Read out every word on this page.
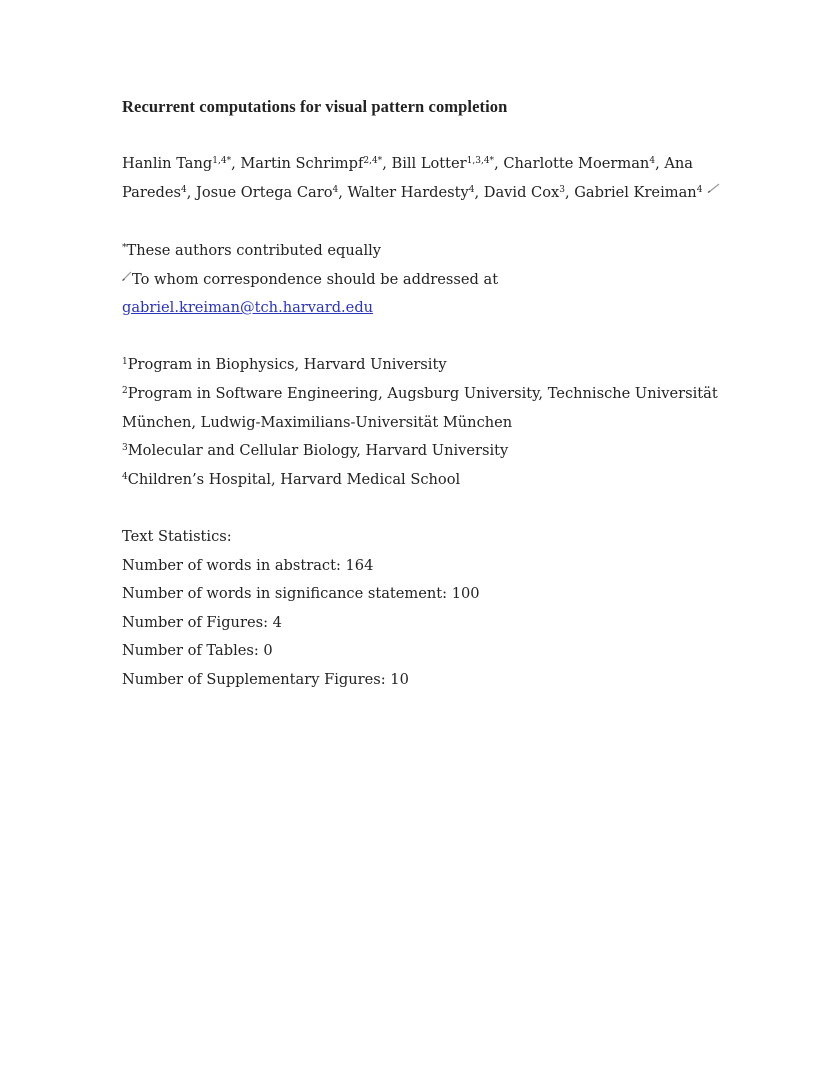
Recurrent computations for visual pattern completion
Hanlin Tang$^{1,4*}$, Martin Schrimpf$^{2,4*}$, Bill Lotter$^{1,3,4*}$, Charlotte Moerman$^4$, Ana
Paredes$^4$, Josue Ortega Caro$^4$, Walter Hardesty$^4$, David Cox$^3$, Gabriel Kreiman$^4$
*These authors contributed equally
To whom correspondence should be addressed at
gabriel.kreiman@tch.harvard.edu
$^1$Program in Biophysics, Harvard University
$^2$Program in Software Engineering, Augsburg University, Technische Universität
München, Ludwig-Maximilians-Universität München
$^3$Molecular and Cellular Biology, Harvard University
$^4$Children’s Hospital, Harvard Medical School
Text Statistics:
Number of words in abstract: 164
Number of words in significance statement: 100
Number of Figures: 4
Number of Tables: 0
Number of Supplementary Figures: 10
